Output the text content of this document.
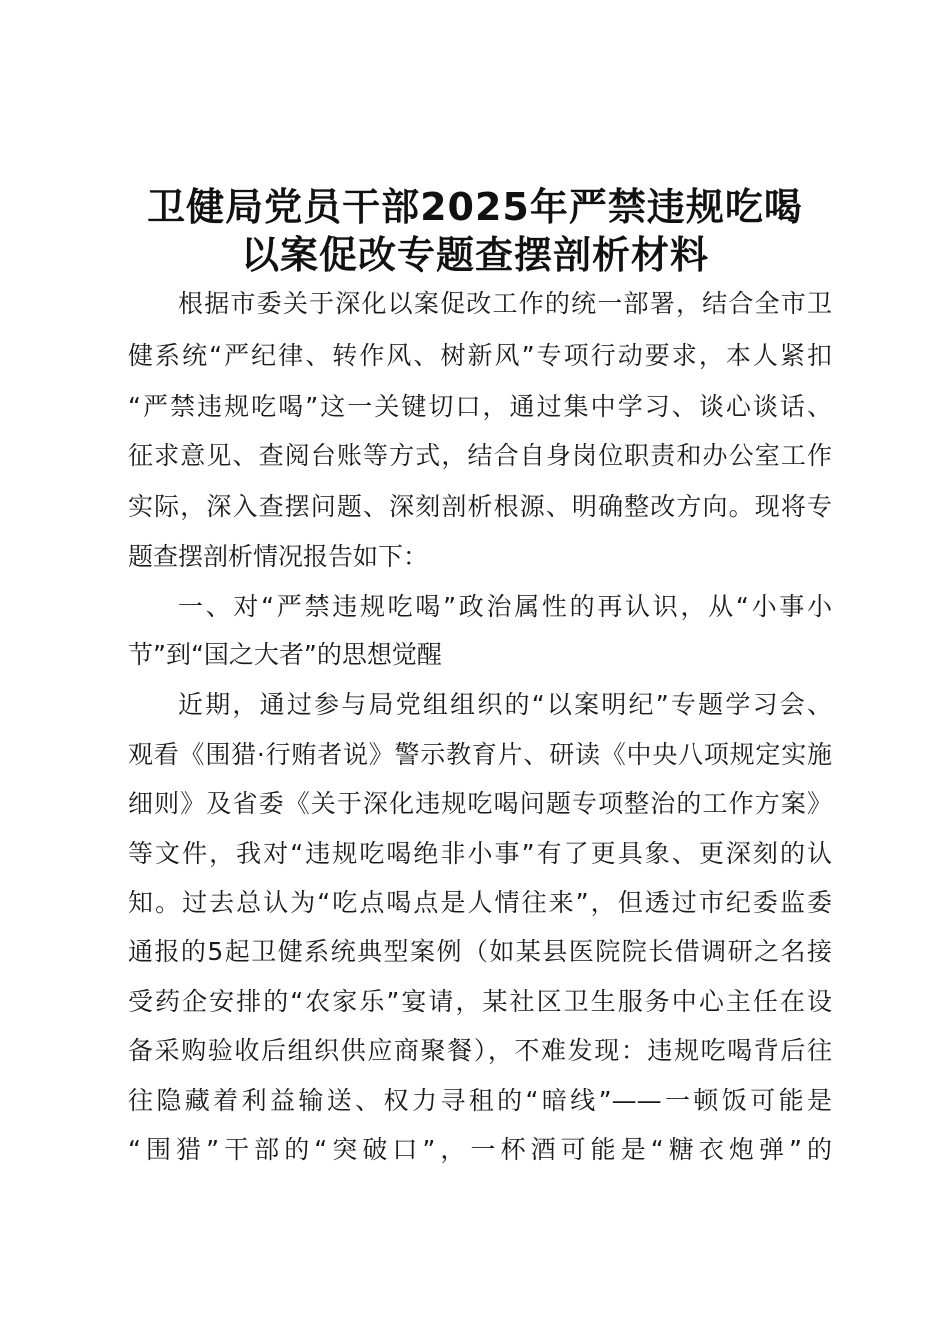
卫健局党员干部2025年严禁违规吃喝
以案促改专题查摆剖析材料
根据市委关于深化以案促改工作的统一部署，结合全市卫
健系统“严纪律、转作风、树新风”专项行动要求，本人紧扣
“严禁违规吃喝”这一关键切口，通过集中学习、谈心谈话、
征求意见、查阅台账等方式，结合自身岗位职责和办公室工作
实际，深入查摆问题、深刻剖析根源、明确整改方向。现将专
题查摆剖析情况报告如下：
一、对“严禁违规吃喝”政治属性的再认识，从“小事小
节”到“国之大者”的思想觉醒
近期，通过参与局党组组织的“以案明纪”专题学习会、
观看《围猎·行贿者说》警示教育片、研读《中央八项规定实施
细则》及省委《关于深化违规吃喝问题专项整治的工作方案》
等文件，我对“违规吃喝绝非小事”有了更具象、更深刻的认
知。过去总认为“吃点喝点是人情往来”，但透过市纪委监委
通报的5起卫健系统典型案例（如某县医院院长借调研之名接
受药企安排的“农家乐”宴请，某社区卫生服务中心主任在设
备采购验收后组织供应商聚餐），不难发现：违规吃喝背后往
往隐藏着利益输送、权力寻租的“暗线”——一顿饭可能是
“围猎”干部的“突破口”，一杯酒可能是“糖衣炮弹”的
